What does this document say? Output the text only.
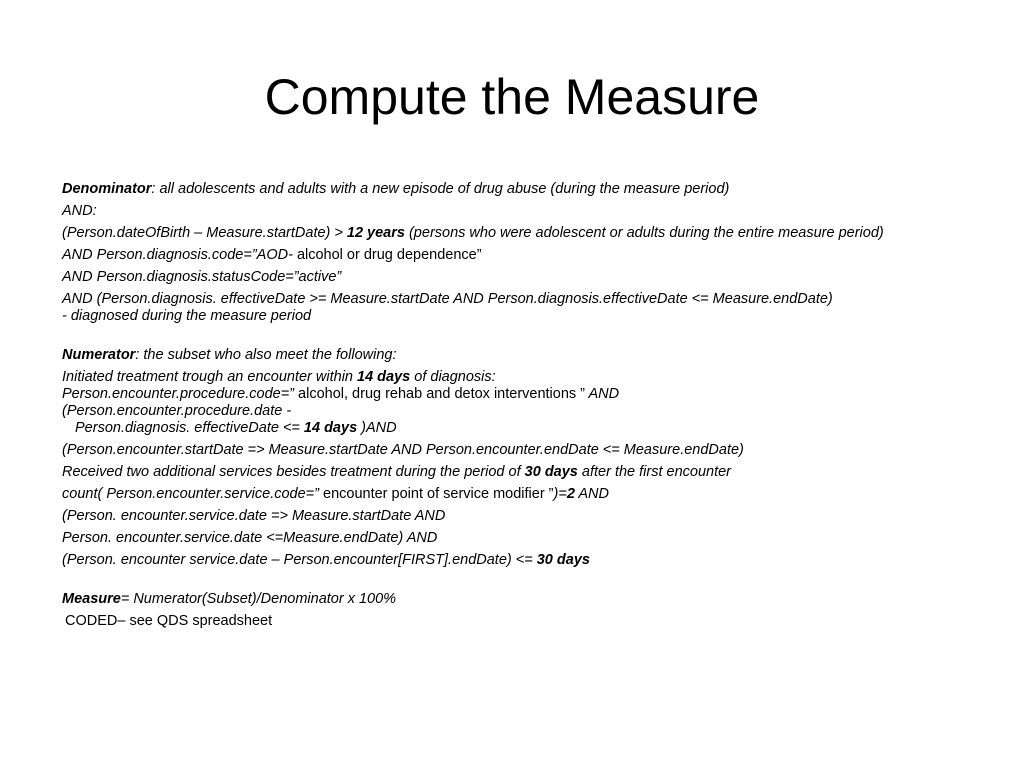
Compute the Measure

Denominator: all adolescents and adults with a new episode of drug abuse (during the measure period)

AND:

(Person.dateOfBirth – Measure.startDate) > 12 years (persons who were adolescent or adults during the entire measure period)

AND Person.diagnosis.code=”AOD- alcohol or drug dependence”

AND Person.diagnosis.statusCode=”active”

AND (Person.diagnosis. effectiveDate >= Measure.startDate AND Person.diagnosis.effectiveDate <= Measure.endDate)
- diagnosed during the measure period

Numerator: the subset who also meet the following:

Initiated treatment trough an encounter within 14 days of diagnosis:
Person.encounter.procedure.code=” alcohol, drug rehab and detox interventions ” AND
(Person.encounter.procedure.date -
Person.diagnosis. effectiveDate <= 14 days )AND

(Person.encounter.startDate => Measure.startDate AND Person.encounter.endDate <= Measure.endDate)

Received two additional services besides treatment during the period of 30 days after the first encounter

count( Person.encounter.service.code=” encounter point of service modifier ”)=2 AND

(Person. encounter.service.date => Measure.startDate AND

Person. encounter.service.date <=Measure.endDate) AND

(Person. encounter service.date – Person.encounter[FIRST].endDate) <= 30 days

Measure= Numerator(Subset)/Denominator x 100%

CODED– see QDS spreadsheet
